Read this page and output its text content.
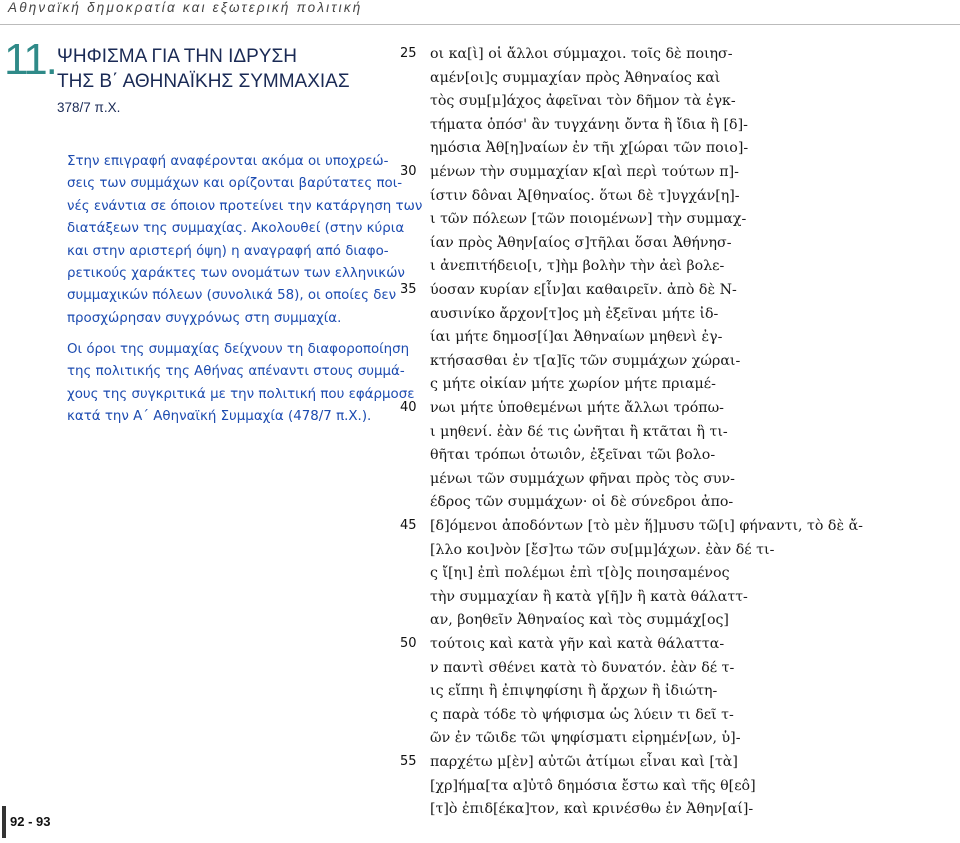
Αθηναϊκή δημοκρατία και εξωτερική πολιτική
11. ΨΗΦΙΣΜΑ ΓΙΑ ΤΗΝ ΙΔΡΥΣΗ
ΤΗΣ Β΄ ΑΘΗΝΑΪΚΗΣ ΣΥΜΜΑΧΙΑΣ
378/7 π.Χ.
Στην επιγραφή αναφέρονται ακόμα οι υποχρεώ-
σεις των συμμάχων και ορίζονται βαρύτατες ποι-
νές ενάντια σε όποιον προτείνει την κατάργηση των
διατάξεων της συμμαχίας. Ακολουθεί (στην κύρια
και στην αριστερή όψη) η αναγραφή από διαφο-
ρετικούς χαράκτες των ονομάτων των ελληνικών
συμμαχικών πόλεων (συνολικά 58), οι οποίες δεν
προσχώρησαν συγχρόνως στη συμμαχία.
Οι όροι της συμμαχίας δείχνουν τη διαφοροποίηση
της πολιτικής της Αθήνας απέναντι στους συμμά-
χους της συγκριτικά με την πολιτική που εφάρμοσε
κατά την Α΄ Αθηναϊκή Συμμαχία (478/7 π.Χ.).
25 οι κα[ὶ] οἱ ἄλλοι σύμμαχοι. τοῖς δὲ ποιησ-
αμέν[οι]ς συμμαχίαν πρὸς Ἀθηναίος καὶ
τὸς συμ[μ]άχος ἀφεῖναι τὸν δῆμον τὰ ἐγκ-
τήματα ὁπόσ' ἂν τυγχάνηι ὄντα ἢ ἴδια ἢ [δ]-
ημόσια Ἀθ[η]ναίων ἐν τῆι χ[ώραι τῶν ποιο]-
30 μένων τὴν συμμαχίαν κ[αὶ περὶ τούτων π]-
ίστιν δôναι Ἀ[θηναίος. ὅτωι δὲ τ]υγχάν[η]-
ι τῶν πόλεων [τῶν ποιομένων] τὴν συμμαχ-
ίαν πρὸς Ἀθην[αίος σ]τῆλαι ὅσαι Ἀθήνησ-
ι ἀνεπιτήδειο[ι, τ]ὴμ βολὴν τὴν ἀεὶ βολε-
35 ύοσαν κυρίαν ε[ἶν]αι καθαιρεῖν. ἀπὸ δὲ Ν-
αυσινίκο ἄρχον[τ]ος μὴ ἐξεῖναι μήτε ἰδ-
ίαι μήτε δημοσ[ί]αι Ἀθηναίων μηθενὶ ἐγ-
κτήσασθαι ἐν τ[α]ῖς τῶν συμμάχων χώραι-
ς μήτε οἰκίαν μήτε χωρίον μήτε πριαμέ-
40 νωι μήτε ὑποθεμένωι μήτε ἄλλωι τρόπω-
ι μηθενί. ἐὰν δέ τις ὠνῆται ἢ κτᾶται ἢ τι-
θῆται τρόπωι ὁτωιôν, ἐξεῖναι τῶι βολο-
μένωι τῶν συμμάχων φῆναι πρὸς τὸς συν-
έδρος τῶν συμμάχων· οἱ δὲ σύνεδροι ἀπο-
45 [δ]όμενοι ἀποδόντων [τὸ μὲν ἥ]μυσυ τῶ[ι] φήναντι, τὸ δὲ ἄ-
[λλο κοι]νὸν [ἔσ]τω τῶν συ[μμ]άχων. ἐὰν δέ τι-
ς ἴ[ηι] ἐπὶ πολέμωι ἐπὶ τ[ὸ]ς ποιησαμένος
τὴν συμμαχίαν ἢ κατὰ γ[ῆ]ν ἢ κατὰ θάλαττ-
αν, βοηθεῖν Ἀθηναίος καὶ τὸς συμμάχ[ος]
50 τούτοις καὶ κατὰ γῆν καὶ κατὰ θάλαττα-
ν παντὶ σθένει κατὰ τὸ δυνατόν. ἐὰν δέ τ-
ις εἴπηι ἢ ἐπιψηφίσηι ἢ ἄρχων ἢ ἰδιώτη-
ς παρὰ τόδε τὸ ψήφισμα ὡς λύειν τι δεῖ τ-
ῶν ἐν τῶιδε τῶι ψηφίσματι εἰρημέν[ων, ὑ]-
55 παρχέτω μ[ὲν] αὐτῶι ἀτίμωι εἶναι καὶ [τὰ]
[χρ]ήμα[τα α]ὐτô δημόσια ἔστω καὶ τῆς θ[εô]
[τ]ὸ ἐπιδ[έκα]τον, καὶ κρινέσθω ἐν Ἀθην[αί]-
92 - 93
